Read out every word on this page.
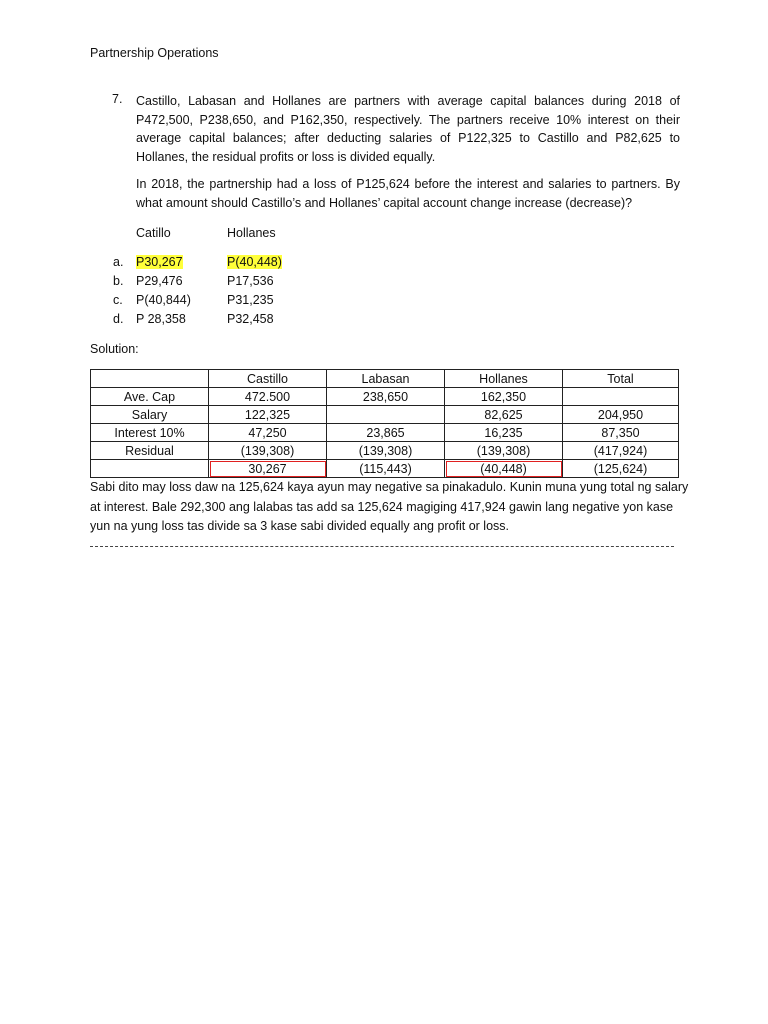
Partnership Operations
7. Castillo, Labasan and Hollanes are partners with average capital balances during 2018 of P472,500, P238,650, and P162,350, respectively. The partners receive 10% interest on their average capital balances; after deducting salaries of P122,325 to Castillo and P82,625 to Hollanes, the residual profits or loss is divided equally.

In 2018, the partnership had a loss of P125,624 before the interest and salaries to partners. By what amount should Castillo’s and Hollanes’ capital account change increase (decrease)?

Catillo	Hollanes
a. P30,267	P(40,448)
b. P29,476	P17,536
c. P(40,844)	P31,235
d. P 28,358	P32,458
Solution:
	Castillo	Labasan	Hollanes	Total
Ave. Cap	472.500	238,650	162,350	
Salary	122,325		82,625	204,950
Interest 10%	47,250	23,865	16,235	87,350
Residual	(139,308)	(139,308)	(139,308)	(417,924)
	30,267	(115,443)	(40,448)	(125,624)
Sabi dito may loss daw na 125,624 kaya ayun may negative sa pinakadulo. Kunin muna yung total ng salary at interest. Bale 292,300 ang lalabas tas add sa 125,624 magiging 417,924 gawin lang negative yon kase yun na yung loss tas divide sa 3 kase sabi divided equally ang profit or loss.
